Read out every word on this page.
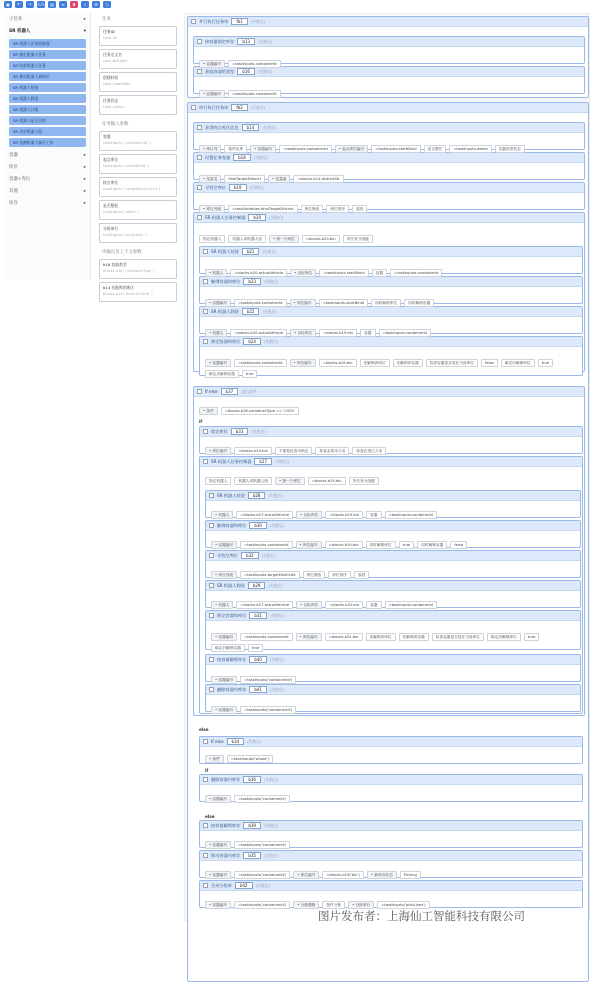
▣	↶	↷	</>	▤	≡	✖	⇩	⚙	ⓘ
子任务	▸
SR 机器人	▾
SR 机器人任务控制器
SR 指定机器人任务
SR 结束机器人任务
SR 移动机器人到库位
SR 机器人装货
SR 机器人卸货
SR 机器人开锁
SR 机器人是否关锁
SR 决定机器人组
SR 检测机器人端可工作
容器	▸
库位	▸
容器+库位	▸
其他	▸
库存	▸
任务
任务ID
task.id
任务定义名
task.defLabel
创建时间
task.createdOn
任务状态
task.status
任务输入参数
容器
taskInputs('containerId')
起点库位
taskInputs('startBinId')
终点库位
taskInputs('targetDistrictId')
是否整托
taskInputs('whole')
分拣单行
taskInputs('pickLines')
块输出及上下文参数
b16 容器类型
blocks.b16('containerType')
b14 匹配库的库区
blocks.b14('districtInfo')
并行执行任务块	fb1	(失败后)
按容器锁定库存	b13	(失败后)
获取容器的类型	b16	(失败后)
串行执行任务块	fb2	(失败后)
获得终点库区信息	b14	(失败后)
设置任务变量	b18	(失败后)
寻找空库位	b19	(失败后)
SR 机器人任务控制器	b20	(失败后)
SR 机器人装货	b21	(失败后)
解绑容器和库位	b23	(失败后)
SR 机器人卸货	b22	(失败后)
绑定容器和库位	b24	(失败后)
If else	b37	退出条件
锁定库位	b33	(失败后)
SR 机器人任务控制器	b27	(失败后)
SR 机器人装货	b28	(失败后)
解绑容器和库位	b30	(失败后)
寻找空库位	b32	(失败后)
SR 机器人卸货	b29	(失败后)
绑定容器和库位	b31	(失败后)
按容器解锁库存	b40	(失败后)
删除容器内库存	b41	(失败后)
If else	b34	(失败后)
删除容器内库存	b36	(失败后)
按容器解锁库存	b39	(失败后)
移动容器内库存	b35	(失败后)
生成分拣单	b42	(失败后)
• 容器编号	=taskInputs.containerId
• 容器编号	=taskInputs.containerId
• 库区列	按件出库	• 容器编号	=taskInputs.containerId	• 起点库位编号	=taskInputs.startBinId	是否整托	=taskInputs.whole	容器类型状态
• 变量名	finalTargetDistrict	• 变量值	=blocks.b14.districtStr
• 库区列表	=taskVariables.finalTargetDistrict	库位筛选	库位排序	原因
指定机器人	机器人或机器人组	• 第一个库位	=blocks.b19.bin	多任务分组键
• 机器人	=blocks.b20.actualVehicle	• 目标库位	=taskInputs.startBinId	容器	=taskInputs.containerId
• 容器编号	=taskInputs.containerId	• 库位编号	=taskInputs.startBinId	同时解锁库位	同时解锁容器
• 机器人	=blocks.b20.actualVehicle	• 目标库位	=blocks.b19.bin	容器	=taskInputs.containerId
• 容器编号	=taskInputs.containerId	• 库位编号	=blocks.b19.bin	先解锁该库位	先解锁该容器	检查容器是否放在当前库位	false	绑定后解锁库位	true
绑定后解锁容器	true
• 条件	=blocks.b16.containerType == 'C001'
if
• 库位编号	=blocks.b19.bin	不重复检查未锁定	检查必须未占用	检查必须已占用
指定机器人	机器人或机器人组	• 第一个库位	=blocks.b19.bin	多任务分组键
• 机器人	=blocks.b27.actualVehicle	• 目标库位	=blocks.b19.bin	容器	=taskInputs.containerId
• 容器编号	=taskInputs.containerId	• 库位编号	=blocks.b19.bin	同时解锁库位	true	同时解锁容器	false
• 库区列表	=taskInputs.targetDistrictId	库位筛选	库位排序	原因
• 机器人	=blocks.b27.actualVehicle	• 目标库位	=blocks.b32.bin	容器	=taskInputs.containerId
• 容器编号	=taskInputs.containerId	• 库位编号	=blocks.b32.bin	先解锁该库位	先解锁该容器	检查容器是否放在当前库位	绑定后解锁库位	true
绑定后解锁容器	true
• 容器编号	=taskInputs('containerId')
• 容器编号	=taskInputs('containerId')
else
• 条件	=taskInputs('whole')
if
• 容器编号	=taskInputs('containerId')
else
• 容器编号	=taskInputs('containerId')
• 容器编号	=taskInputs('containerId')	• 库位编号	=blocks.b19('bin')	• 新库存状态	Picking
• 容器编号	=taskInputs('containerId')	• 分拣模版	按件分拣	• 分拣单行	=taskInputs('pickLines')
图片发布者：上海仙工智能科技有限公司
